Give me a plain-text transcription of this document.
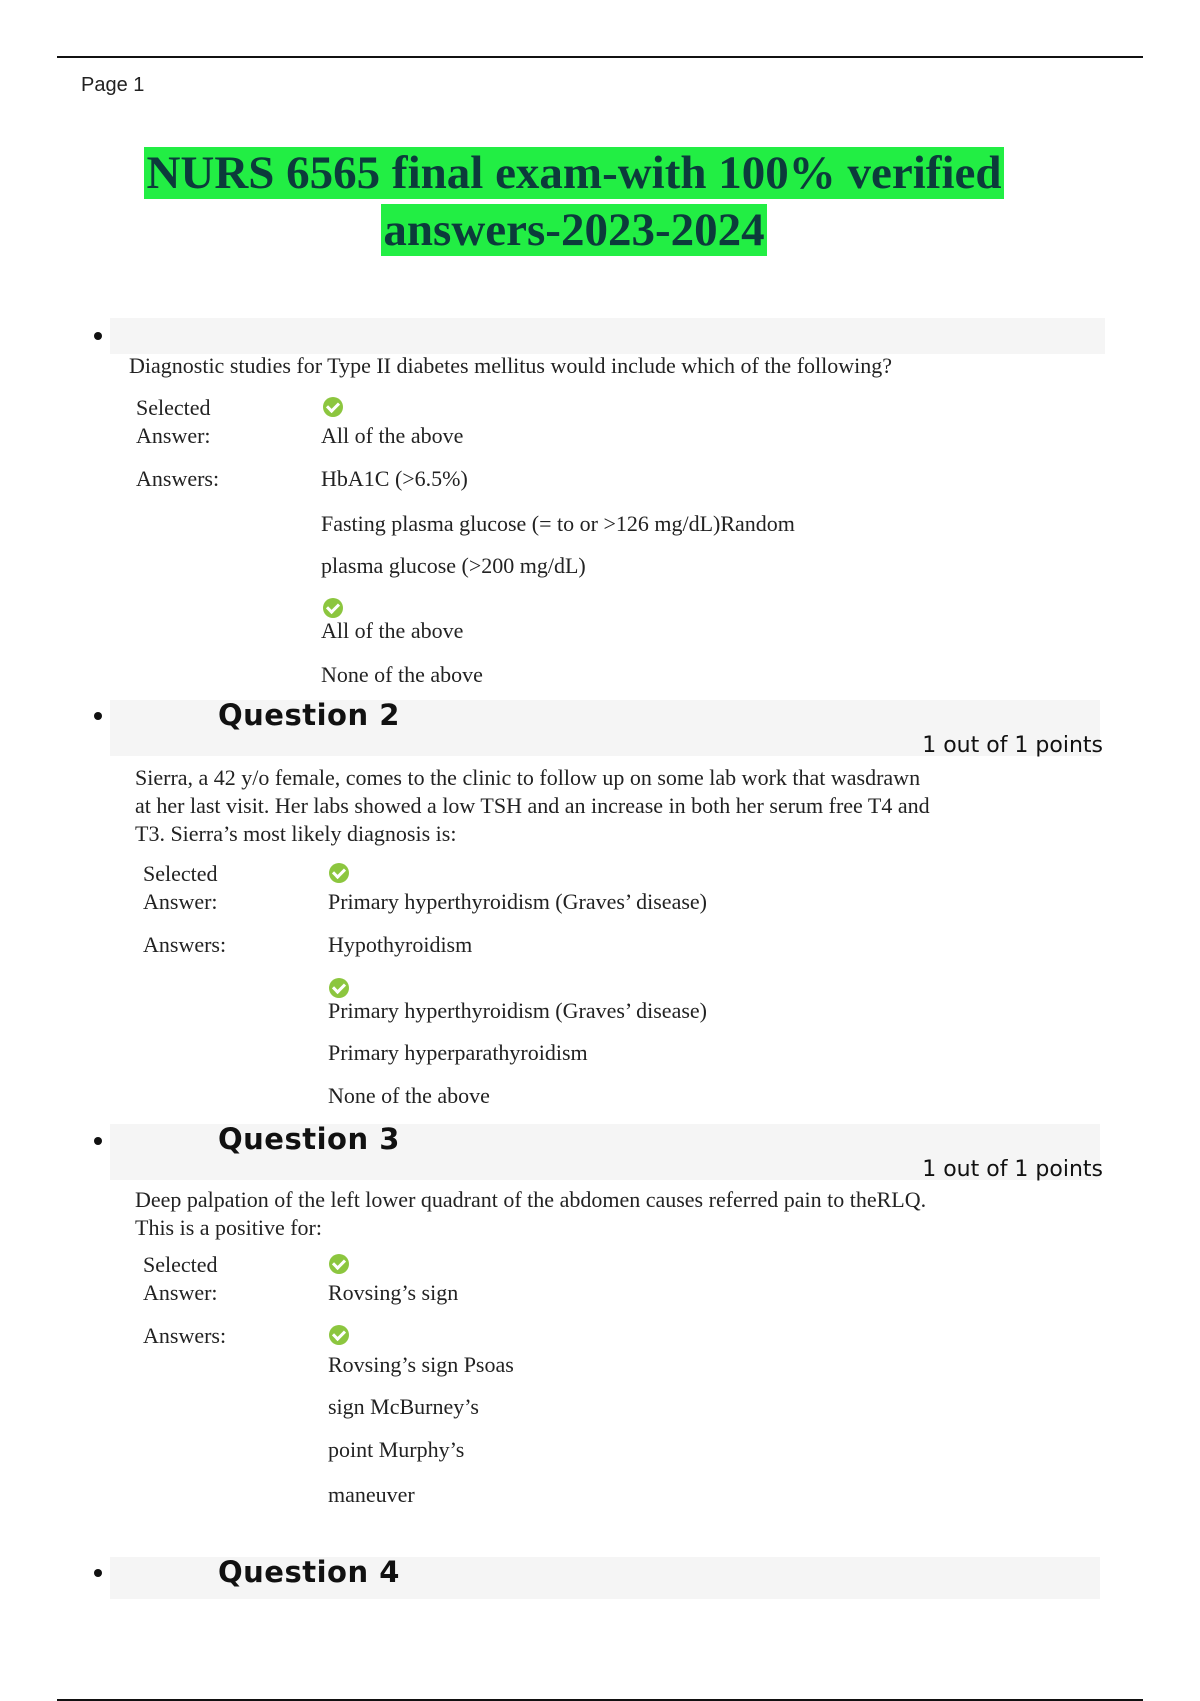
Page 1
NURS 6565 final exam-with 100% verified
answers-2023-2024
Diagnostic studies for Type II diabetes mellitus would include which of the following?
Selected
Answer:	All of the above
Answers:	HbA1C (>6.5%)
Fasting plasma glucose (= to or >126 mg/dL)Random
plasma glucose (>200 mg/dL)
All of the above
None of the above
Question 2
1 out of 1 points
Sierra, a 42 y/o female, comes to the clinic to follow up on some lab work that wasdrawn
at her last visit. Her labs showed a low TSH and an increase in both her serum free T4 and
T3. Sierra’s most likely diagnosis is:
Selected
Answer:	Primary hyperthyroidism (Graves’ disease)
Answers:	Hypothyroidism
Primary hyperthyroidism (Graves’ disease)
Primary hyperparathyroidism
None of the above
Question 3
1 out of 1 points
Deep palpation of the left lower quadrant of the abdomen causes referred pain to theRLQ.
This is a positive for:
Selected
Answer:	Rovsing’s sign
Answers:
Rovsing’s sign Psoas
sign McBurney’s
point Murphy’s
maneuver
Question 4
